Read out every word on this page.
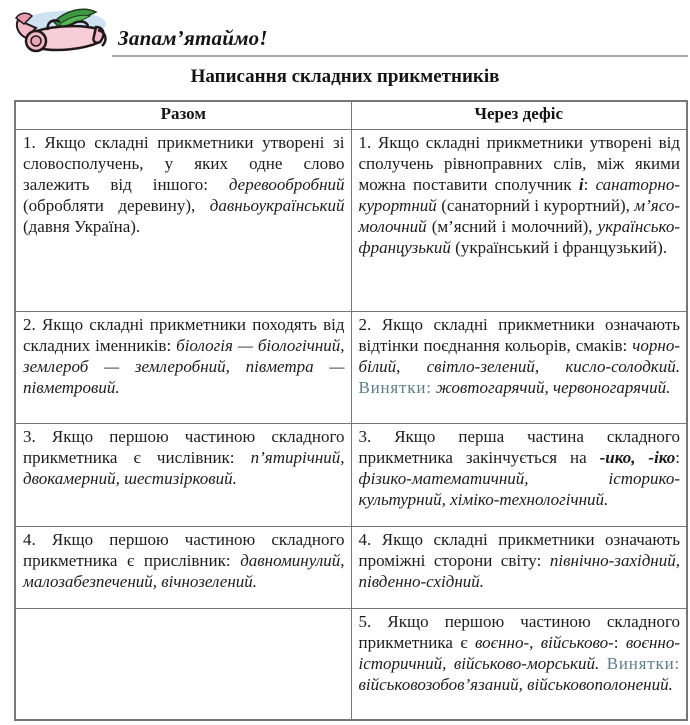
Запам’ятаймо!
Написання складних прикметників
Разом	Через дефіс
1. Якщо складні прикметники утворені зі словосполучень, у яких одне слово залежить від іншого: деревообробний (обробляти деревину), давньоукраїнський (давня Україна).	1. Якщо складні прикметники утворені від сполучень рівноправних слів, між якими можна поставити сполучник і: санаторно-курортний (санаторний і курортний), м’ясо-молочний (м’ясний і молочний), українсько-французький (український і французький).
2. Якщо складні прикметники походять від складних іменників: біологія — біологічний, землероб — землеробний, півметра — півметровий.	2. Якщо складні прикметники означають відтінки поєднання кольорів, смаків: чорно-білий, світло-зелений, кисло-солодкий. Винятки: жовтогарячий, червоногарячий.
3. Якщо першою частиною складного прикметника є числівник: п’ятирічний, двокамерний, шестизірковий.	3. Якщо перша частина складного прикметника закінчується на -ико, -іко: фізико-математичний, історико-культурний, хіміко-технологічний.
4. Якщо першою частиною складного прикметника є прислівник: давноминулий, малозабезпечений, вічнозелений.	4. Якщо складні прикметники означають проміжні сторони світу: північно-західний, південно-східний.
	5. Якщо першою частиною складного прикметника є воєнно-, військово-: воєнно-історичний, військово-морський. Винятки: військовозобов’язаний, військовополонений.
